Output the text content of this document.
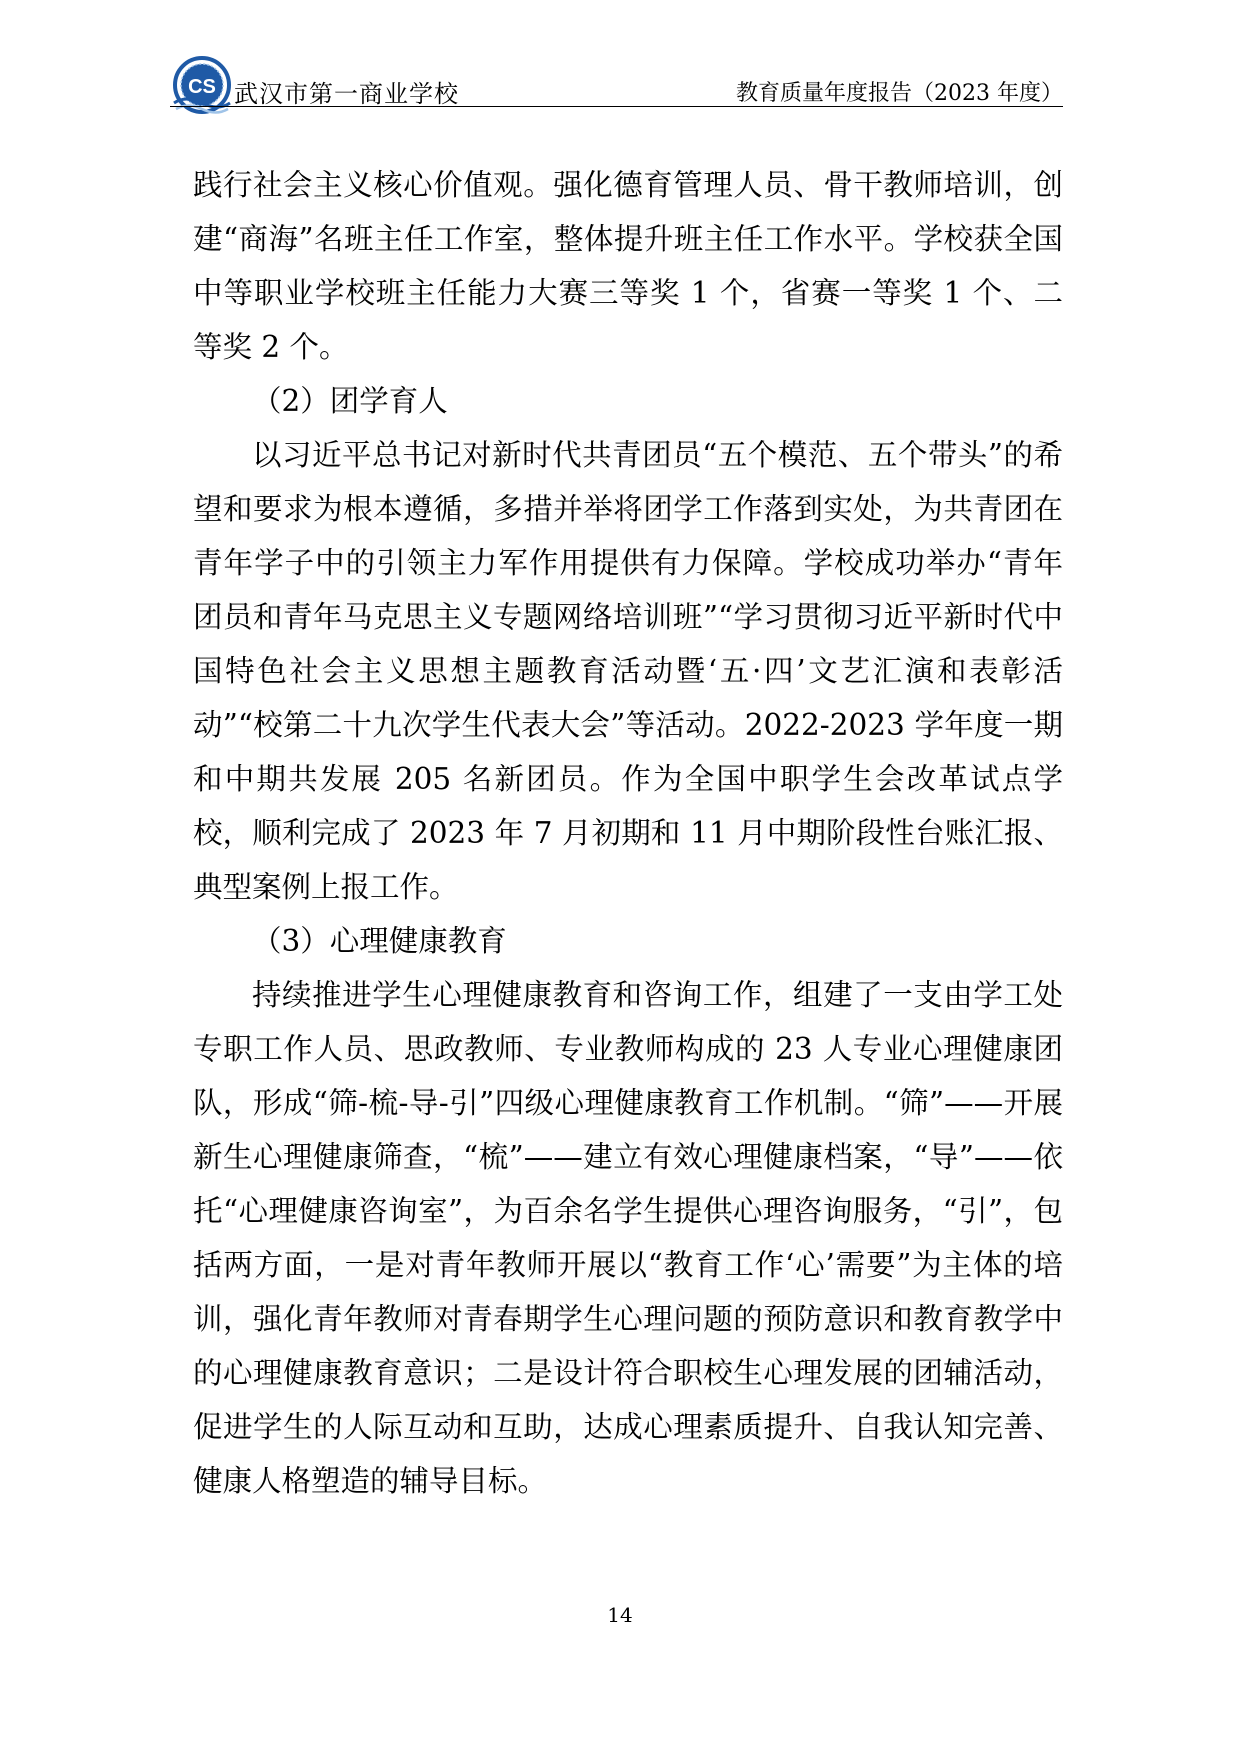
CS 武汉市第一商业学校	教育质量年度报告（2023 年度）

践行社会主义核心价值观。强化德育管理人员、骨干教师培训，创建“商海”名班主任工作室，整体提升班主任工作水平。学校获全国中等职业学校班主任能力大赛三等奖 1 个，省赛一等奖 1 个、二等奖 2 个。

（2）团学育人

以习近平总书记对新时代共青团员“五个模范、五个带头”的希望和要求为根本遵循，多措并举将团学工作落到实处，为共青团在青年学子中的引领主力军作用提供有力保障。学校成功举办“青年团员和青年马克思主义专题网络培训班”“学习贯彻习近平新时代中国特色社会主义思想主题教育活动暨‘五·四’文艺汇演和表彰活动”“校第二十九次学生代表大会”等活动。2022-2023 学年度一期和中期共发展 205 名新团员。作为全国中职学生会改革试点学校，顺利完成了 2023 年 7 月初期和 11 月中期阶段性台账汇报、典型案例上报工作。

（3）心理健康教育

持续推进学生心理健康教育和咨询工作，组建了一支由学工处专职工作人员、思政教师、专业教师构成的 23 人专业心理健康团队，形成“筛-梳-导-引”四级心理健康教育工作机制。“筛”——开展新生心理健康筛查，“梳”——建立有效心理健康档案，“导”——依托“心理健康咨询室”，为百余名学生提供心理咨询服务，“引”，包括两方面，一是对青年教师开展以“教育工作‘心’需要”为主体的培训，强化青年教师对青春期学生心理问题的预防意识和教育教学中的心理健康教育意识；二是设计符合职校生心理发展的团辅活动，促进学生的人际互动和互助，达成心理素质提升、自我认知完善、健康人格塑造的辅导目标。

14
